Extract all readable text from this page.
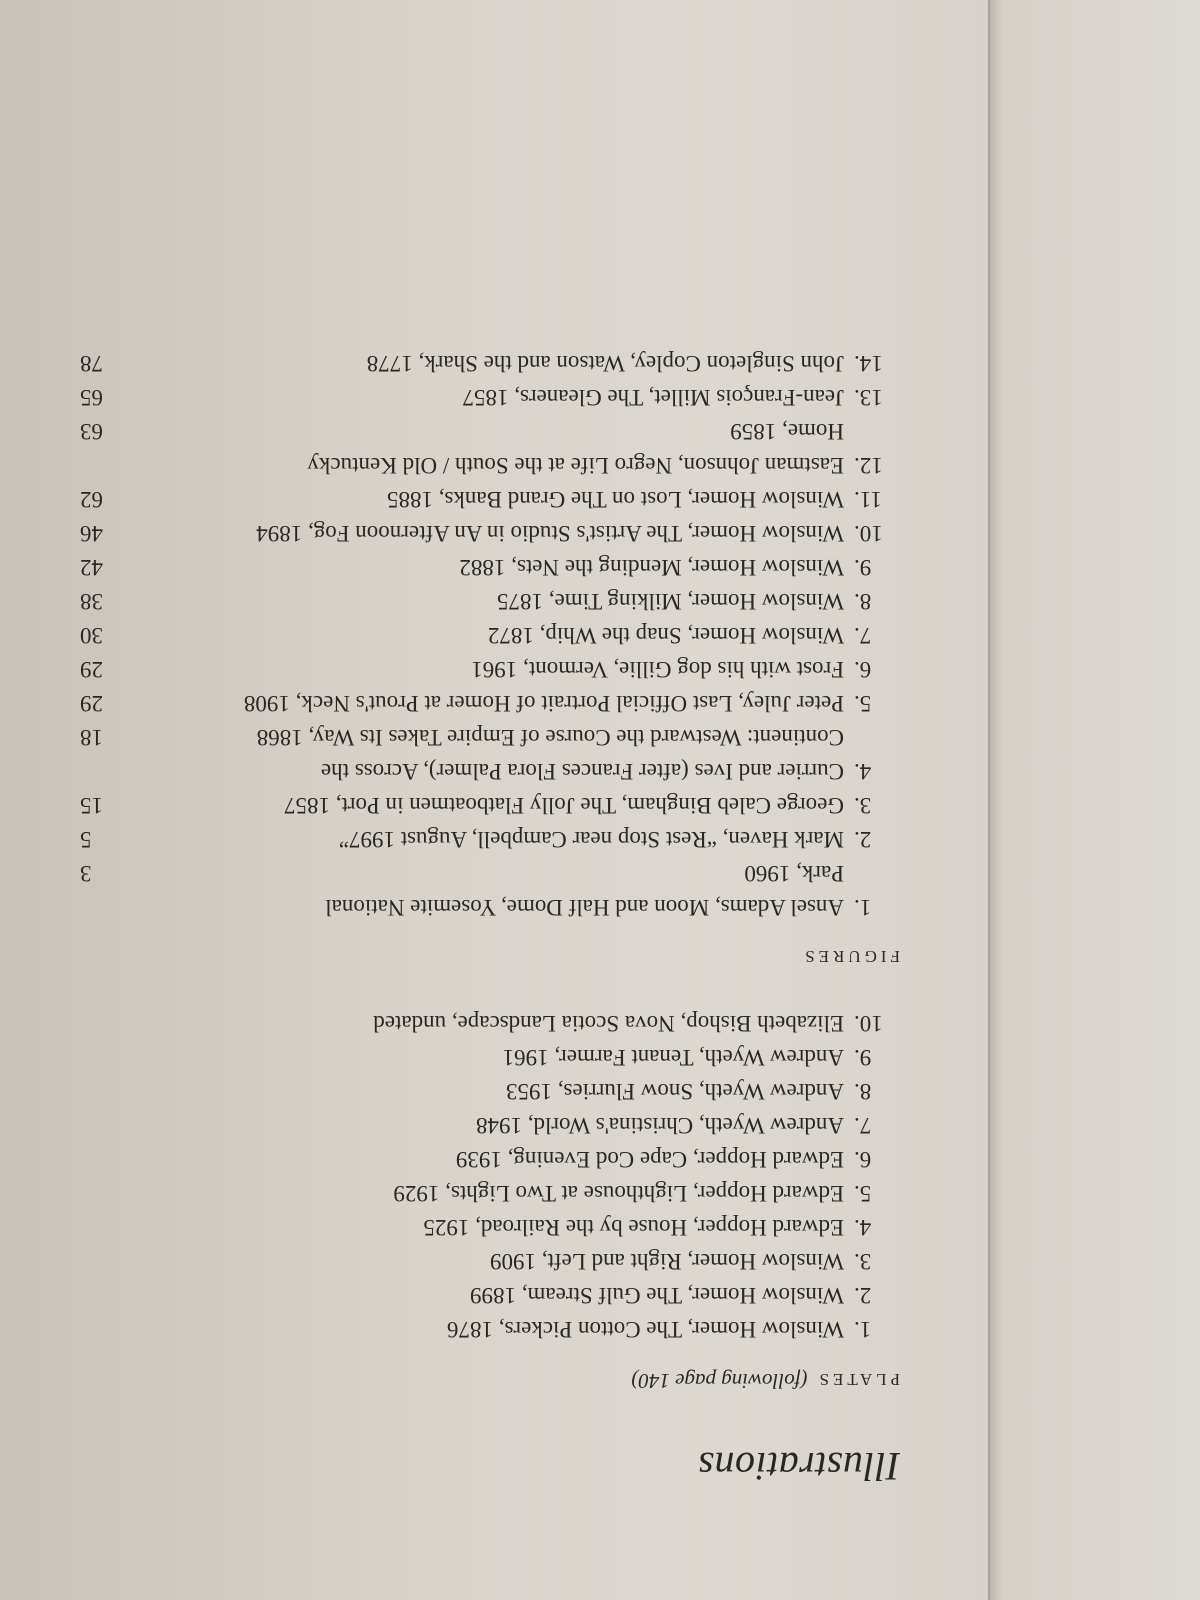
Illustrations
PLATES(following page 140)
1.
Winslow Homer, The Cotton Pickers, 1876
2.
Winslow Homer, The Gulf Stream, 1899
3.
Winslow Homer, Right and Left, 1909
4.
Edward Hopper, House by the Railroad, 1925
5.
Edward Hopper, Lighthouse at Two Lights, 1929
6.
Edward Hopper, Cape Cod Evening, 1939
7.
Andrew Wyeth, Christina's World, 1948
8.
Andrew Wyeth, Snow Flurries, 1953
9.
Andrew Wyeth, Tenant Farmer, 1961
10.
Elizabeth Bishop, Nova Scotia Landscape, undated
FIGURES
1.
Ansel Adams, Moon and Half Dome, Yosemite National
Park, 1960
3
2.
Mark Haven, “Rest Stop near Campbell, August 1997”
5
3.
George Caleb Bingham, The Jolly Flatboatmen in Port, 1857
15
4.
Currier and Ives (after Frances Flora Palmer), Across the
Continent: Westward the Course of Empire Takes Its Way, 1868
18
5.
Peter Juley, Last Official Portrait of Homer at Prout's Neck, 1908
29
6.
Frost with his dog Gillie, Vermont, 1961
29
7.
Winslow Homer, Snap the Whip, 1872
30
8.
Winslow Homer, Milking Time, 1875
38
9.
Winslow Homer, Mending the Nets, 1882
42
10.
Winslow Homer, The Artist's Studio in An Afternoon Fog, 1894
46
11.
Winslow Homer, Lost on The Grand Banks, 1885
62
12.
Eastman Johnson, Negro Life at the South / Old Kentucky
Home, 1859
63
13.
Jean-François Millet, The Gleaners, 1857
65
14.
John Singleton Copley, Watson and the Shark, 1778
78
